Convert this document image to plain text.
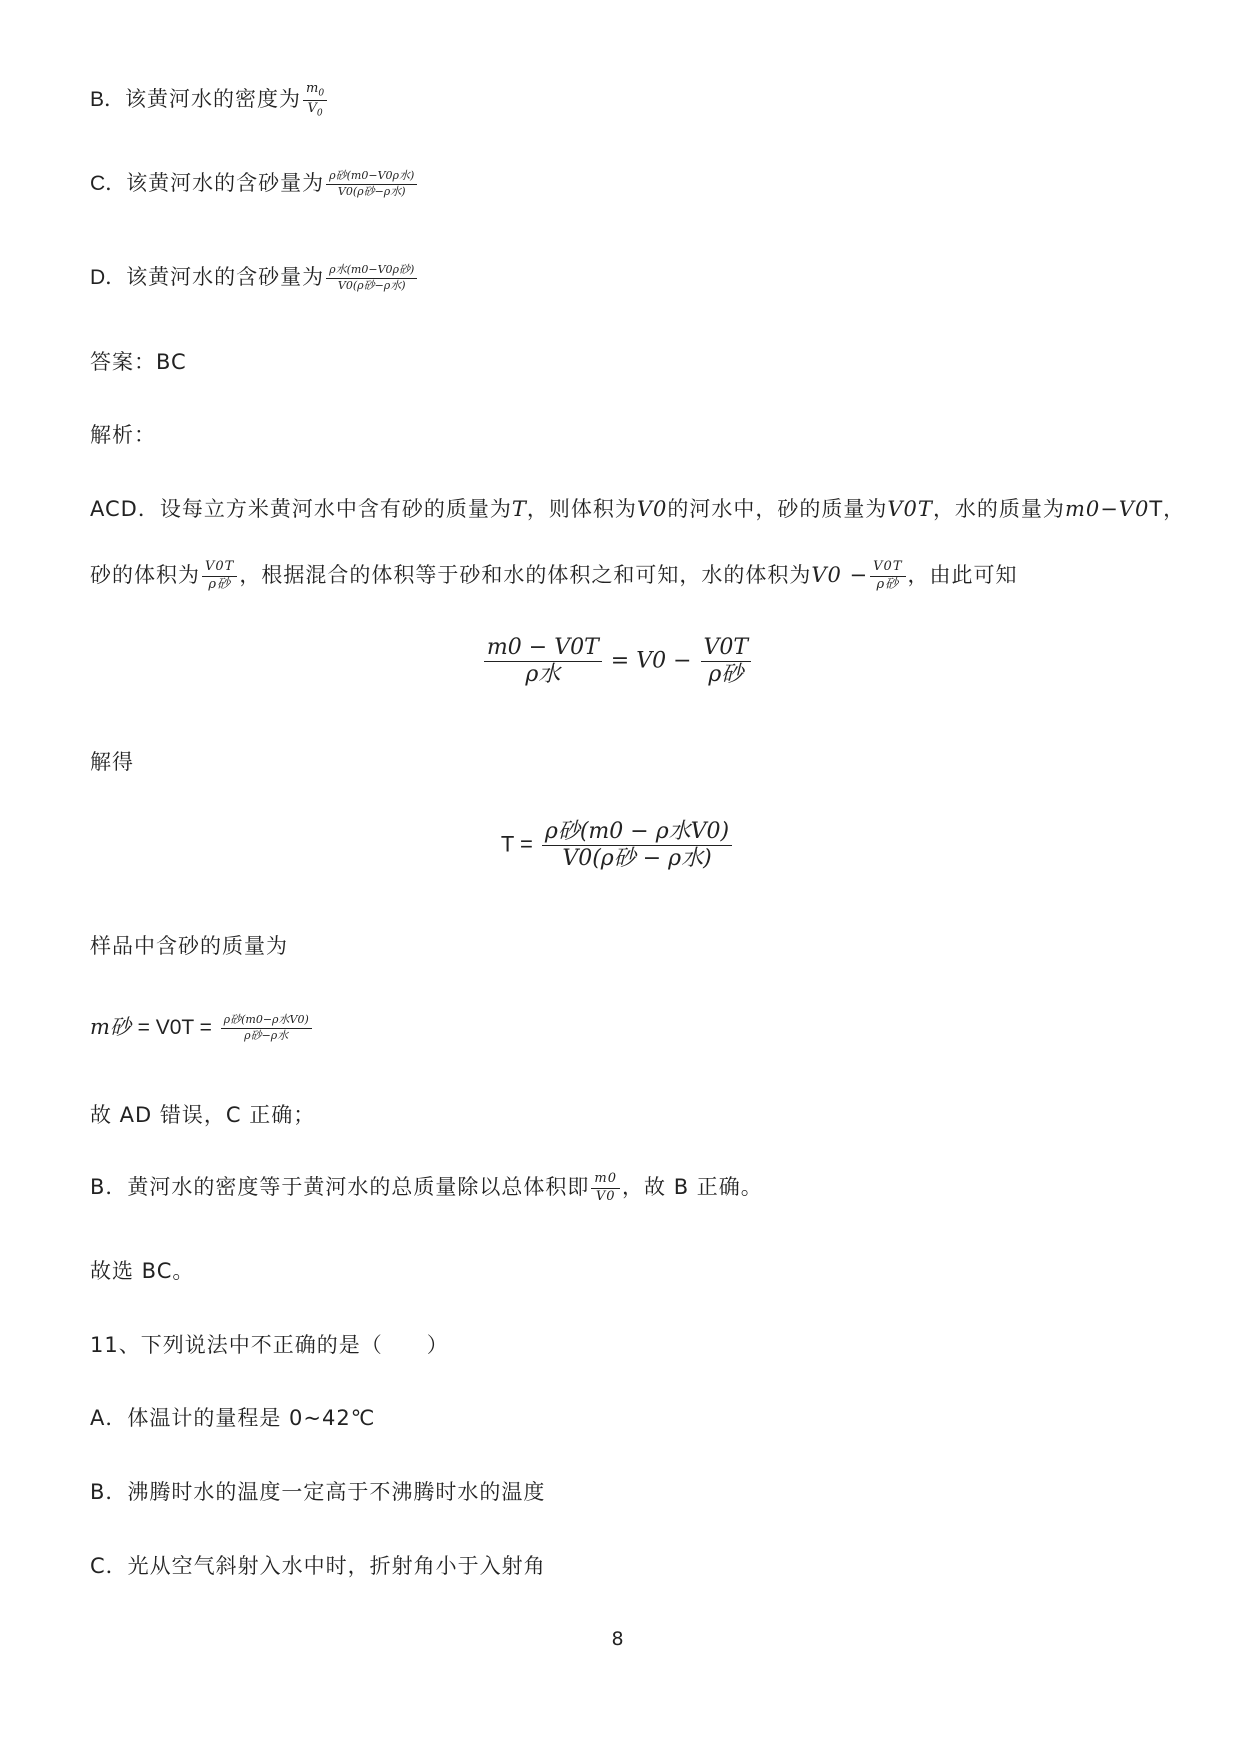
B．该黄河水的密度为 $\frac{m_0}{V_0}$
C．该黄河水的含砂量为 $\frac{\text{ρ砂(m0−V0ρ水)}}{\text{V0(ρ砂−ρ水)}}$
D．该黄河水的含砂量为 $\frac{\text{ρ水(m0−V0ρ砂)}}{\text{V0(ρ砂−ρ水)}}$
答案：BC
解析：
ACD．设每立方米黄河水中含有砂的质量为T，则体积为V0的河水中，砂的质量为V0T，水的质量为m0−V0T，
砂的体积为 $\frac{V0T}{\text{ρ砂}}$ ，根据混合的体积等于砂和水的体积之和可知，水的体积为$V0 - \frac{V0T}{\text{ρ砂}}$ ，由此可知
$\frac{m0 - V0T}{\text{ρ水}} = V0 - \frac{V0T}{\text{ρ砂}}$
解得
$T = \frac{\text{ρ砂(m0 − ρ水V0)}}{\text{V0(ρ砂 − ρ水)}}$
样品中含砂的质量为
m砂 = $V0T = \frac{\text{ρ砂(m0−ρ水V0)}}{\text{ρ砂−ρ水}}$
故 AD 错误，C 正确；
B．黄河水的密度等于黄河水的总质量除以总体积即 $\frac{m0}{V0}$ ，故 B 正确。
故选 BC。
11、下列说法中不正确的是（　　）
A．体温计的量程是 0~42℃
B．沸腾时水的温度一定高于不沸腾时水的温度
C．光从空气斜射入水中时，折射角小于入射角
8
